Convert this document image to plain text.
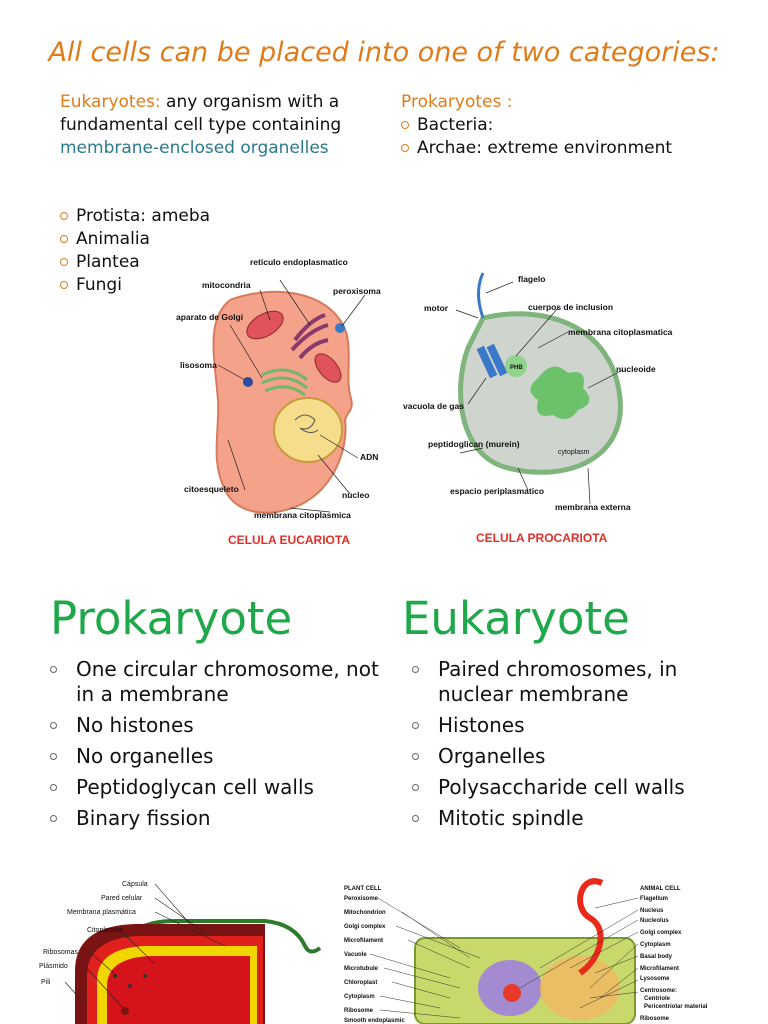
All cells can be placed into one of two categories:
Eukaryotes: any organism with a fundamental cell type containing membrane-enclosed organelles
Protista: ameba
Animalia
Plantea
Fungi
Prokaryotes :
Bacteria:
Archae: extreme environment
reticulo endoplasmatico
mitocondria
peroxisoma
aparato de Golgi
lisosoma
ADN
citoesqueleto
nucleo
membrana citoplasmica
CELULA EUCARIOTA
PHB
cytoplasm
flagelo
motor	cuerpos de inclusion
membrana citoplasmatica
nucleoide
vacuola de gas
peptidoglican (murein)
espacio periplasmatico
membrana externa
CELULA PROCARIOTA
Prokaryote Eukaryote
One circular chromosome, not in a membrane
No histones
No organelles
Peptidoglycan cell walls
Binary fission
Paired chromosomes, in nuclear membrane
Histones
Organelles
Polysaccharide cell walls
Mitotic spindle
Cápsula
Pared celular
Membrana plasmática
Citoplasma
Ribosomas
Plásmido
Pili
PLANT CELL	ANIMAL CELL
Peroxisome
Mitochondrion
Golgi complex
Microfilament
Vacuole
Microtubule
Chloroplast
Cytoplasm
Ribosome
Smooth endoplasmic
Flagellum
Nucleus
Nucleolus
Golgi complex
Cytoplasm
Basal body
Microfilament
Lysosome
Centrosome:
Centriole
Pericentriolar material
Ribosome
